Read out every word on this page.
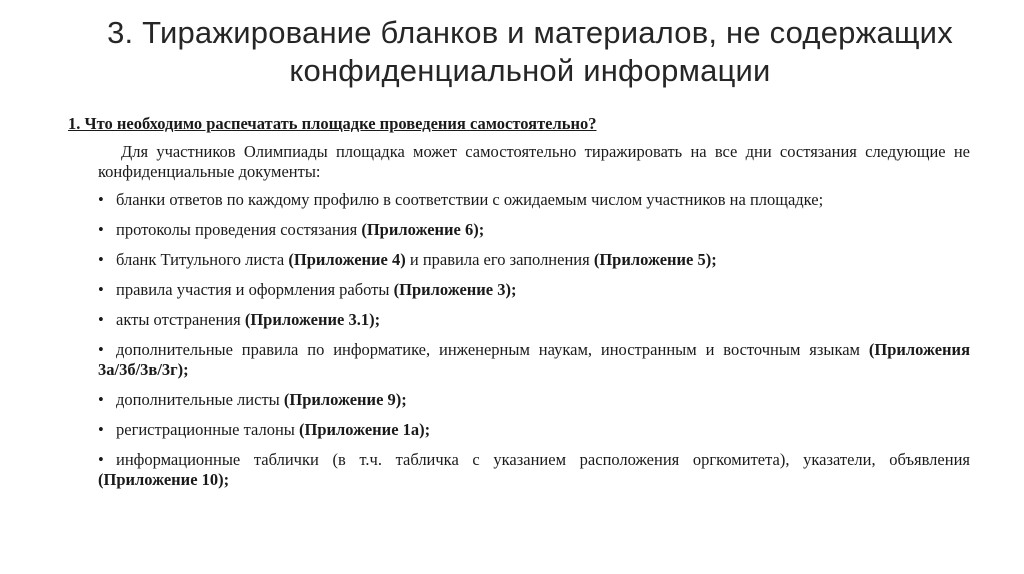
3. Тиражирование бланков и материалов, не содержащих конфиденциальной информации
1. Что необходимо распечатать площадке проведения самостоятельно?
Для участников Олимпиады площадка может самостоятельно тиражировать на все дни состязания следующие не конфиденциальные документы:
• бланки ответов по каждому профилю в соответствии с ожидаемым числом участников на площадке;
• протоколы проведения состязания (Приложение 6);
• бланк Титульного листа (Приложение 4) и правила его заполнения (Приложение 5);
• правила участия и оформления работы (Приложение 3);
• акты отстранения (Приложение 3.1);
• дополнительные правила по информатике, инженерным наукам, иностранным и восточным языкам (Приложения 3а/3б/3в/3г);
• дополнительные листы (Приложение 9);
• регистрационные талоны (Приложение 1а);
• информационные таблички (в т.ч. табличка с указанием расположения оргкомитета), указатели, объявления (Приложение 10);
